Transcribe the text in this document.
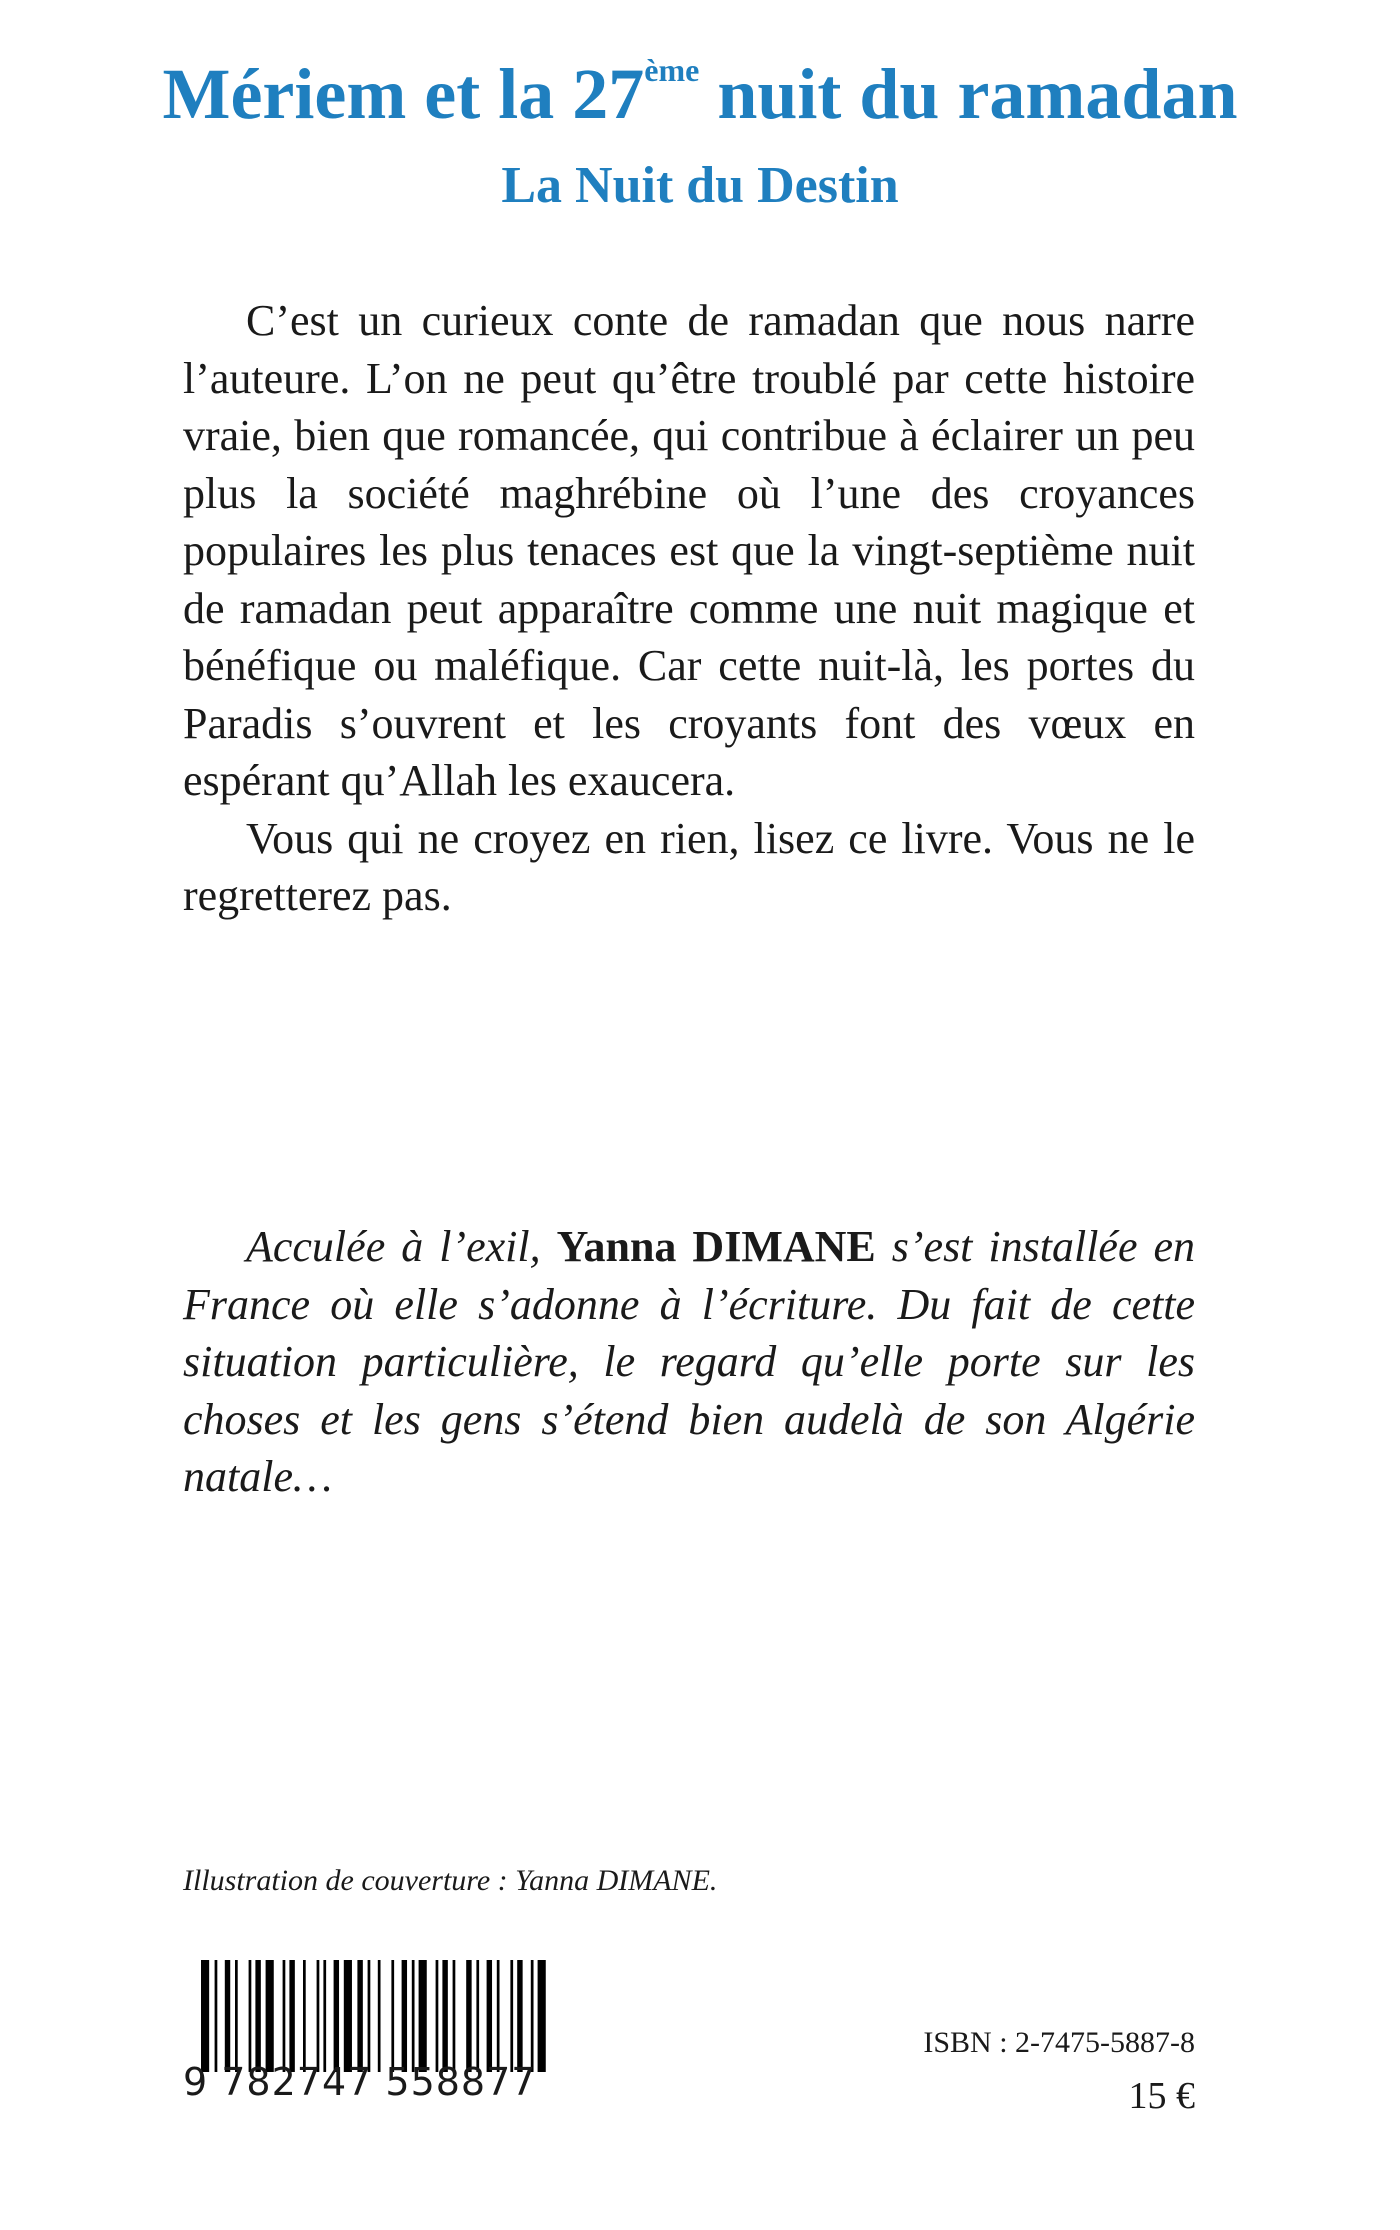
Mériem et la 27ème nuit du ramadan
La Nuit du Destin

C’est un curieux conte de ramadan que nous narre l’auteure. L’on ne peut qu’être troublé par cette histoire vraie, bien que romancée, qui contribue à éclairer un peu plus la société maghrébine où l’une des croyances populaires les plus tenaces est que la vingt-septième nuit de ramadan peut apparaître comme une nuit magique et bénéfique ou maléfique. Car cette nuit-là, les portes du Paradis s’ouvrent et les croyants font des vœux en espérant qu’Allah les exaucera.

Vous qui ne croyez en rien, lisez ce livre. Vous ne le regretterez pas.

Acculée à l’exil, Yanna DIMANE s’est installée en France où elle s’adonne à l’écriture. Du fait de cette situation particulière, le regard qu’elle porte sur les choses et les gens s’étend bien audelà de son Algérie natale…

Illustration de couverture : Yanna DIMANE.
9 782747 558877
ISBN : 2-7475-5887-8
15 €
